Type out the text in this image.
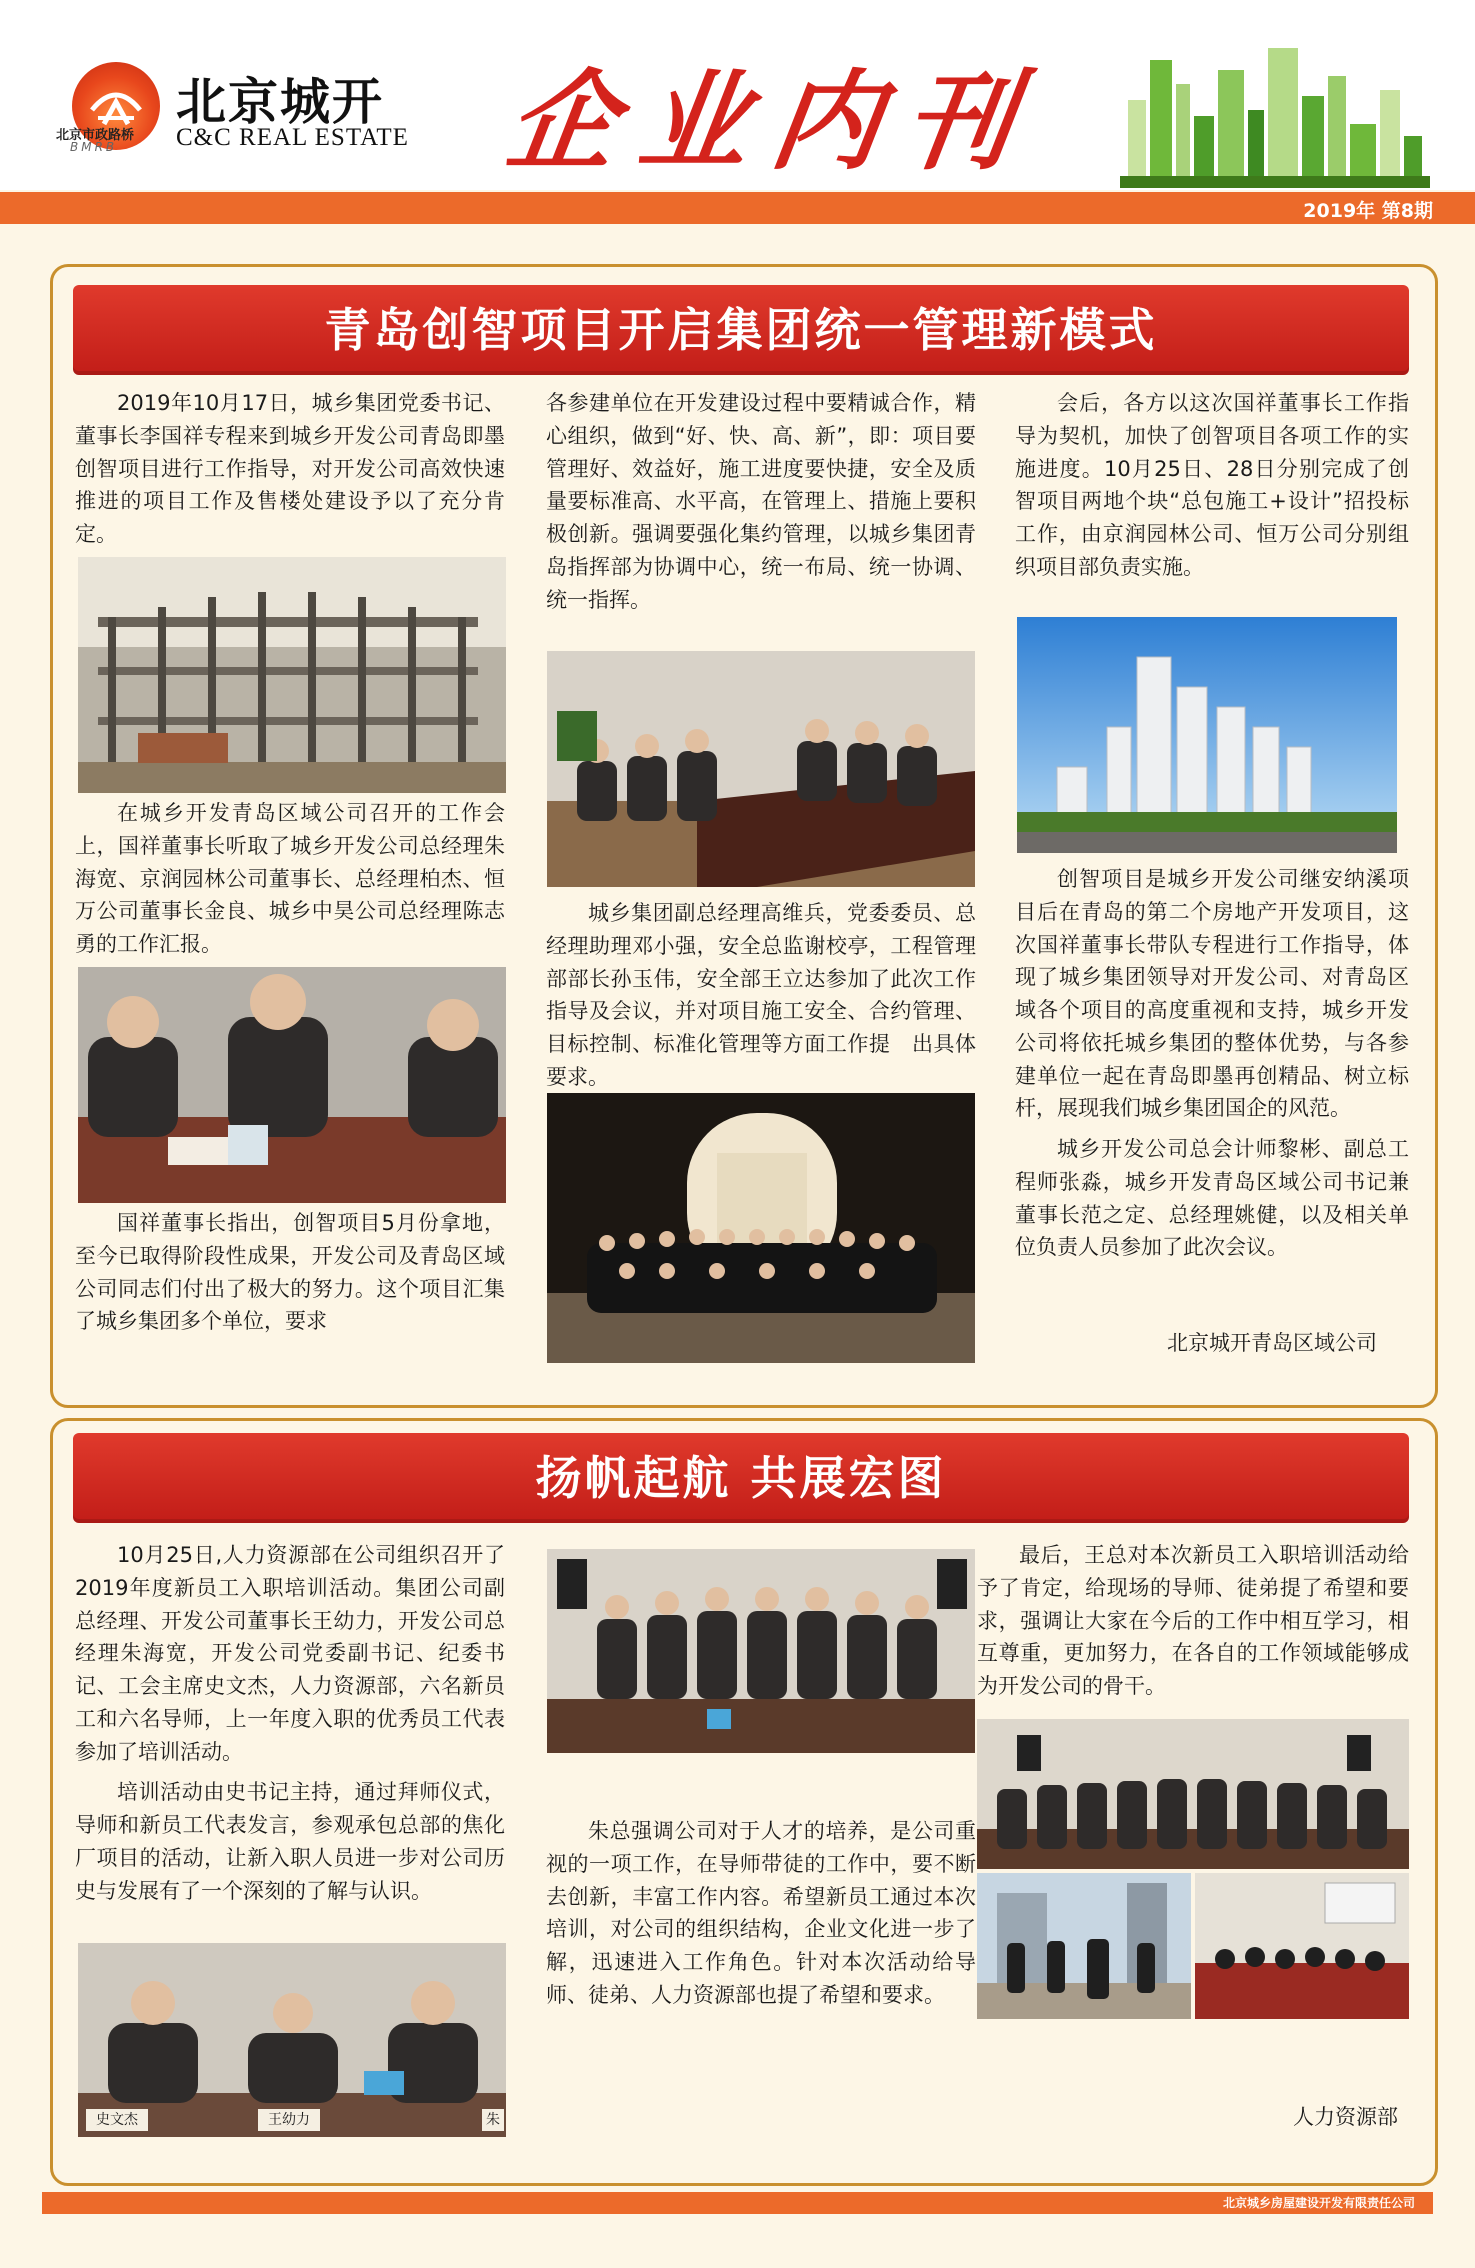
北京城开
C&C REAL ESTATE
北京市政路桥
BMRB	企业内刊
2019年 第8期
青岛创智项目开启集团统一管理新模式

2019年10月17日，城乡集团党委书记、董事长李国祥专程来到城乡开发公司青岛即墨创智项目进行工作指导，对开发公司高效快速推进的项目工作及售楼处建设予以了充分肯定。

在城乡开发青岛区域公司召开的工作会上，国祥董事长听取了城乡开发公司总经理朱海宽、京润园林公司董事长、总经理柏杰、恒万公司董事长金良、城乡中昊公司总经理陈志勇的工作汇报。

国祥董事长指出，创智项目5月份拿地，至今已取得阶段性成果，开发公司及青岛区域公司同志们付出了极大的努力。这个项目汇集了城乡集团多个单位，要求

各参建单位在开发建设过程中要精诚合作，精心组织，做到“好、快、高、新”，即：项目要管理好、效益好，施工进度要快捷，安全及质量要标准高、水平高，在管理上、措施上要积极创新。强调要强化集约管理，以城乡集团青岛指挥部为协调中心，统一布局、统一协调、统一指挥。

城乡集团副总经理高维兵，党委委员、总经理助理邓小强，安全总监谢校亭，工程管理部部长孙玉伟，安全部王立达参加了此次工作指导及会议，并对项目施工安全、合约管理、目标控制、标准化管理等方面工作提　出具体要求。

会后，各方以这次国祥董事长工作指导为契机，加快了创智项目各项工作的实施进度。10月25日、28日分别完成了创智项目两地个块“总包施工+设计”招投标工作，由京润园林公司、恒万公司分别组织项目部负责实施。

创智项目是城乡开发公司继安纳溪项目后在青岛的第二个房地产开发项目，这次国祥董事长带队专程进行工作指导，体现了城乡集团领导对开发公司、对青岛区域各个项目的高度重视和支持，城乡开发公司将依托城乡集团的整体优势，与各参建单位一起在青岛即墨再创精品、树立标杆，展现我们城乡集团国企的风范。

城乡开发公司总会计师黎彬、副总工程师张淼，城乡开发青岛区域公司书记兼董事长范之定、总经理姚健，以及相关单位负责人员参加了此次会议。

北京城开青岛区域公司
扬帆起航 共展宏图

10月25日,人力资源部在公司组织召开了2019年度新员工入职培训活动。集团公司副总经理、开发公司董事长王幼力，开发公司总经理朱海宽，开发公司党委副书记、纪委书记、工会主席史文杰，人力资源部，六名新员工和六名导师，上一年度入职的优秀员工代表参加了培训活动。

培训活动由史书记主持，通过拜师仪式，导师和新员工代表发言，参观承包总部的焦化厂项目的活动，让新入职人员进一步对公司历史与发展有了一个深刻的了解与认识。

史文杰	王幼力	朱

朱总强调公司对于人才的培养，是公司重视的一项工作，在导师带徒的工作中，要不断去创新，丰富工作内容。希望新员工通过本次培训，对公司的组织结构，企业文化进一步了解，迅速进入工作角色。针对本次活动给导师、徒弟、人力资源部也提了希望和要求。

最后，王总对本次新员工入职培训活动给予了肯定，给现场的导师、徒弟提了希望和要求，强调让大家在今后的工作中相互学习，相互尊重，更加努力，在各自的工作领域能够成为开发公司的骨干。

人力资源部
北京城乡房屋建设开发有限责任公司
